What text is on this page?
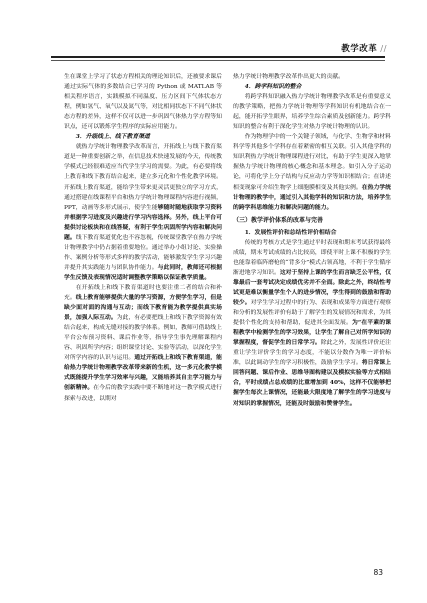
教学改革 //

生在课堂上学习了状态方程相关的理论知识后，还被要求课后通过实际气体的多数结合已学习的 Python 或 MATLAB 等相关程序语言，实践模拟不同温度、压力区间下气体状态方程，例如氢气、氧气以及氮气等，对比相同状态下不同气体状态方程的差异，这样不仅可以进一步巩固气体热力学方程等知识点，还可以锻炼学生程序的实际应用能力。

3．升级线上、线下教育渠道

就热力学统计物理教学改革而言，开拓线上与线下教育渠道是一种重要创新之举，在信息技术快速发展的今天，传统教学模式已经很难适应当代学生学习的需要。为此，有必要将线上教育和线下教育结合起来，建立多元化和个性化教学环境。开拓线上教育渠道，能给学生带来更灵活更独立的学习方式，通过搭建在线课程平台和热力学统计物理课程内容进行视频，PPT，动画等多形式展示，使学生能够随时随地获取学习资料并根据学习进度及兴趣进行学习内容选择。另外，线上平台可提供讨论板块和在线答疑，有利于学生巩固所学内容和解决问题。线下教育渠道优化也不容忽视，传统课堂教学在热力学统计物理教学中仍占据着重要地位。通过举办小组讨论、实验操作、案例分析等形式多样的教学活动，能够激发学生学习兴趣并提升其实践能力与团队协作能力。与此同时，教师还可根据学生反馈及表现情况适时调整教学策略以保证教学质量。

在开拓线上和线下教育渠道时也要注重二者的结合和补充。线上教育能够提供大量的学习资源，方便学生学习，但是缺少面对面的沟通与互动；而线下教育能为教学提供真实场景，加强人际互动。为此，有必要把线上和线下教学资源有效结合起来，构成无缝对接的教学体系。例如，教师可借助线上平台公布预习资料、课后作业等，指导学生事先理解课程内容、巩固所学内容；组织课堂讨论、实验等活动，以深化学生对所学内容的认识与运用。通过开拓线上和线下教育渠道，能给热力学统计物理教学改革带来新的生机，这一多元化教学模式既能提升学生学习效率与兴趣，又能培养其自主学习能力与创新精神。在今后的教学实践中要不断地对这一教学模式进行探索与改进，以期对

热力学统计物理教学改革作出更大的贡献。

4．跨学科知识的整合

将跨学科知识融入热力学统计物理教学改革是有重要意义的教学策略，把热力学统计物理等学科知识有机地结合在一起，能开拓学生眼界，培养学生综合素质及创新能力。跨学科知识的整合有利于深化学生对热力学统计物理的认识。

作为物理学中的一个关键子领域，与化学、生物学和材料科学等其他多个学科存在着紧密的相互关联。引入其他学科的知识利热力学统计物理课程进行对比，有助于学生更深入地掌握热力学统计物理的核心概念和基本理念。如引入分子运动论，可将化学上分子结构与反应动力学等知识相结合；在讲述相变现象可介绍生物学上细胞膜相变及其他实例。在热力学统计物理的教学中，通过引入其他学科的知识和方法，培养学生的跨学科思维能力和解决问题的能力。

（三）教学评价体系的改革与完善

1．发展性评价和总结性评价相结合

传统的考核方式是学生通过平时表现和期末考试获得最终成绩，期末考试成绩的占比较高，即使平时上课不积极的学生也能靠着临阵磨枪的“背多分”模式占领高地，不利于学生循序渐进地学习知识。这对于坚持上课的学生而言缺乏公平性，仅靠最后一套考试决定成绩优劣并不全面。除此之外，终结性考试更是难以衡量学生个人的进步情况，学生得到的鼓励和帮助较少。对学生学习过程中的行为、表现和成果等方面进行观察和分析的发展性评价有助于了解学生的发展情况和需求，为其提供个性化的支持和帮助，促进其全面发展。为“在平素的课程教学中检测学生的学习效果，让学生了解自己对所学知识的掌握程度，督促学生的日常学习。除此之外，发展性评价还注重让学生评价学生的学习态度，不能以分数作为唯一评价标准，以此调动学生的学习积极性，鼓励学生学习。将日常课上回答问题、课后作业、思维导图构建以及模拟实验等方式相结合，平时成绩占总成绩的比重增加到 40%，这样不仅能够把握学生每次上课情况，还能最大限度地了解学生的学习进度与对知识的掌握情况，还能及时鼓励和赞誉学生。

83
